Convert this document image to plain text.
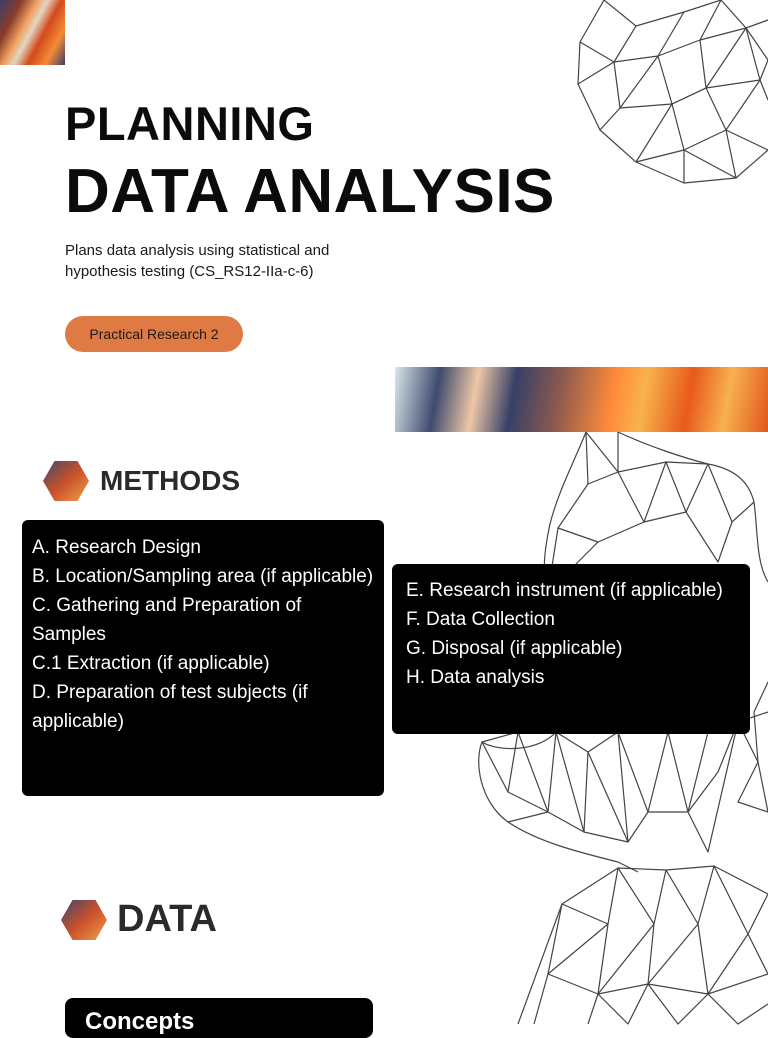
PLANNING
DATA ANALYSIS

Plans data analysis using statistical and hypothesis testing (CS_RS12-IIa-c-6)

Practical Research 2
METHODS
A. Research Design
B. Location/Sampling area (if applicable)
C. Gathering and Preparation of Samples
C.1 Extraction (if applicable)
D. Preparation of test subjects (if applicable)
E. Research instrument (if applicable)
F. Data Collection
G. Disposal (if applicable)
H. Data analysis
DATA
Concepts
